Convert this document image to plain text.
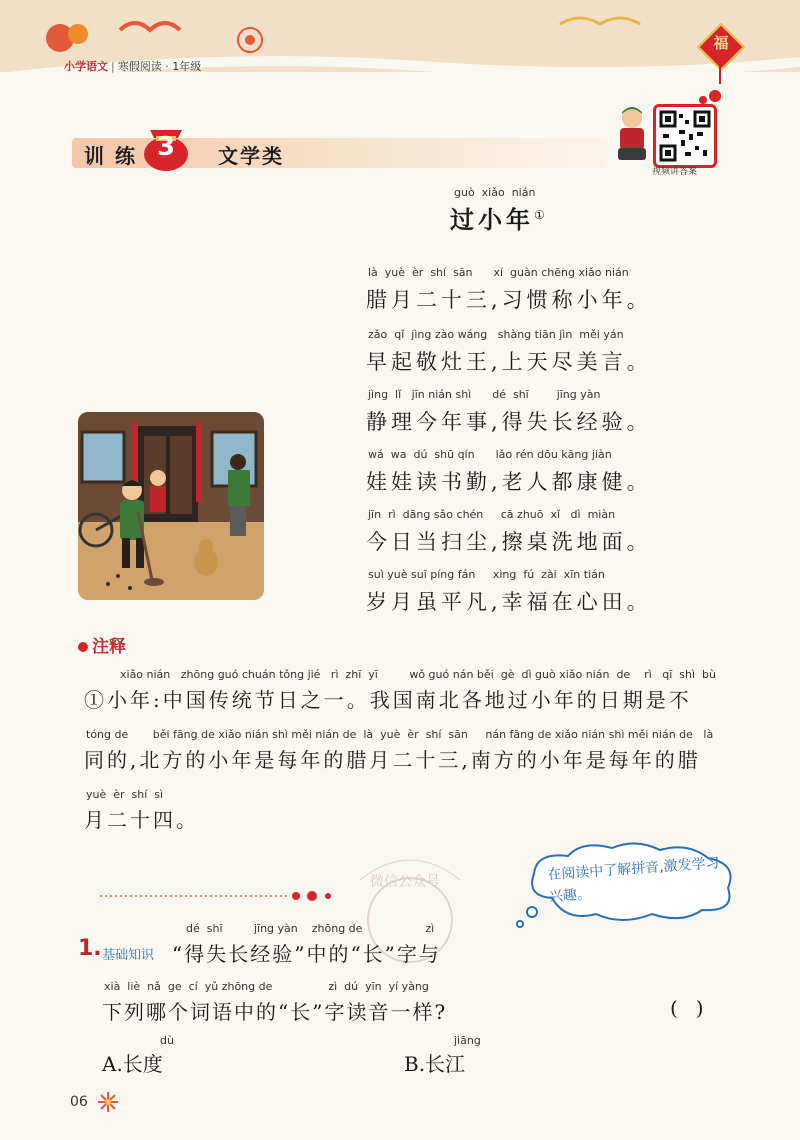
小学语文 | 寒假阅读 · 1年级
福
训 练 3	文学类
视频讲答案
guò  xiǎo  nián
过小年①
là  yuè  èr  shí  sān      xí  guàn chēng xiǎo nián
腊月二十三,习惯称小年。
zǎo  qǐ  jìng zào wáng   shàng tiān jìn  měi yán
早起敬灶王,上天尽美言。
jìng  lǐ   jīn nián shì      dé  shī        jīng yàn
静理今年事,得失长经验。
wá  wa  dú  shū qín      lǎo rén dōu kāng jiàn
娃娃读书勤,老人都康健。
jīn  rì  dāng sǎo chén     cā zhuō  xǐ   dì  miàn
今日当扫尘,擦桌洗地面。
suì yuè suī píng fán     xìng  fú  zài  xīn tián
岁月虽平凡,幸福在心田。
注释
xiǎo nián   zhōng guó chuán tǒng jié   rì  zhī  yī         wǒ guó nán běi  gè  dì guò xiǎo nián  de    rì   qī  shì  bù
①小年:中国传统节日之一。我国南北各地过小年的日期是不
tóng de       běi fāng de xiǎo nián shì měi nián de  là  yuè  èr  shí  sān     nán fāng de xiǎo nián shì měi nián de   là
同的,北方的小年是每年的腊月二十三,南方的小年是每年的腊
yuè  èr  shí  sì
月二十四。
在阅读中了解拼音,激发学习兴趣。
微信公众号
1. 基础知识
dé  shī         jīng yàn    zhōng de                  zì
“得失长经验”中的“长”字与
xià  liè  nǎ  ge  cí  yǔ zhōng de                zì  dú  yīn  yí yàng
下列哪个词语中的“长”字读音一样?	()
dù
A.长度
jiāng
B.长江
06
